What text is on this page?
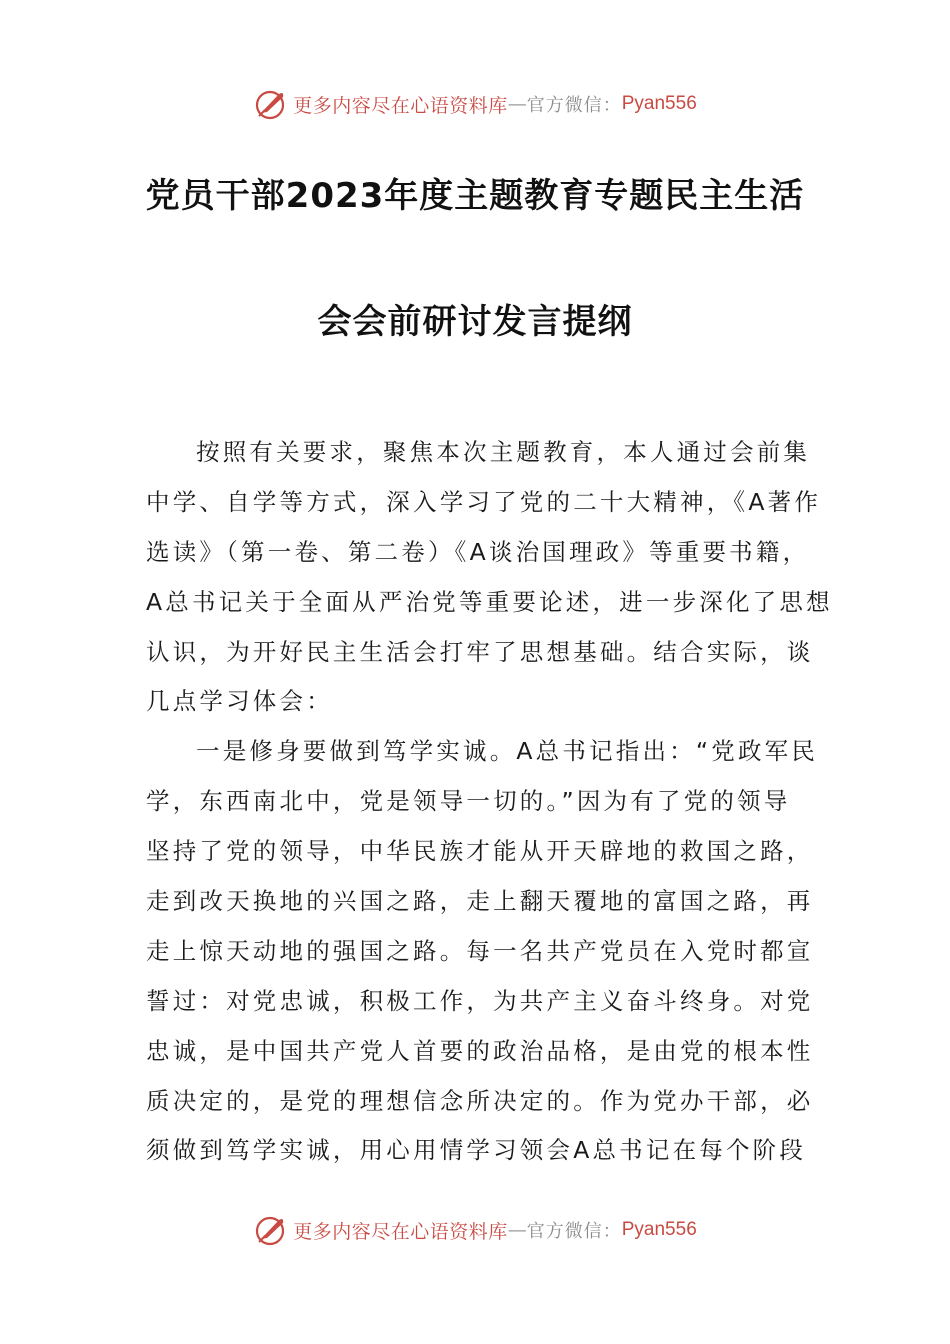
更多内容尽在心语资料库 — 官方微信： Pyan556
党员干部2023年度主题教育专题民主生活
会会前研讨发言提纲
按照有关要求，聚焦本次主题教育，本人通过会前集
中学、自学等方式，深入学习了党的二十大精神，《A著作
选读》（第一卷、第二卷）《A谈治国理政》等重要书籍，
A总书记关于全面从严治党等重要论述，进一步深化了思想
认识，为开好民主生活会打牢了思想基础。结合实际，谈
几点学习体会：
一是修身要做到笃学实诚。A总书记指出：“党政军民
学，东西南北中，党是领导一切的。”因为有了党的领导
坚持了党的领导，中华民族才能从开天辟地的救国之路，
走到改天换地的兴国之路，走上翻天覆地的富国之路，再
走上惊天动地的强国之路。每一名共产党员在入党时都宣
誓过：对党忠诚，积极工作，为共产主义奋斗终身。对党
忠诚，是中国共产党人首要的政治品格，是由党的根本性
质决定的，是党的理想信念所决定的。作为党办干部，必
须做到笃学实诚，用心用情学习领会A总书记在每个阶段
更多内容尽在心语资料库 — 官方微信： Pyan556
